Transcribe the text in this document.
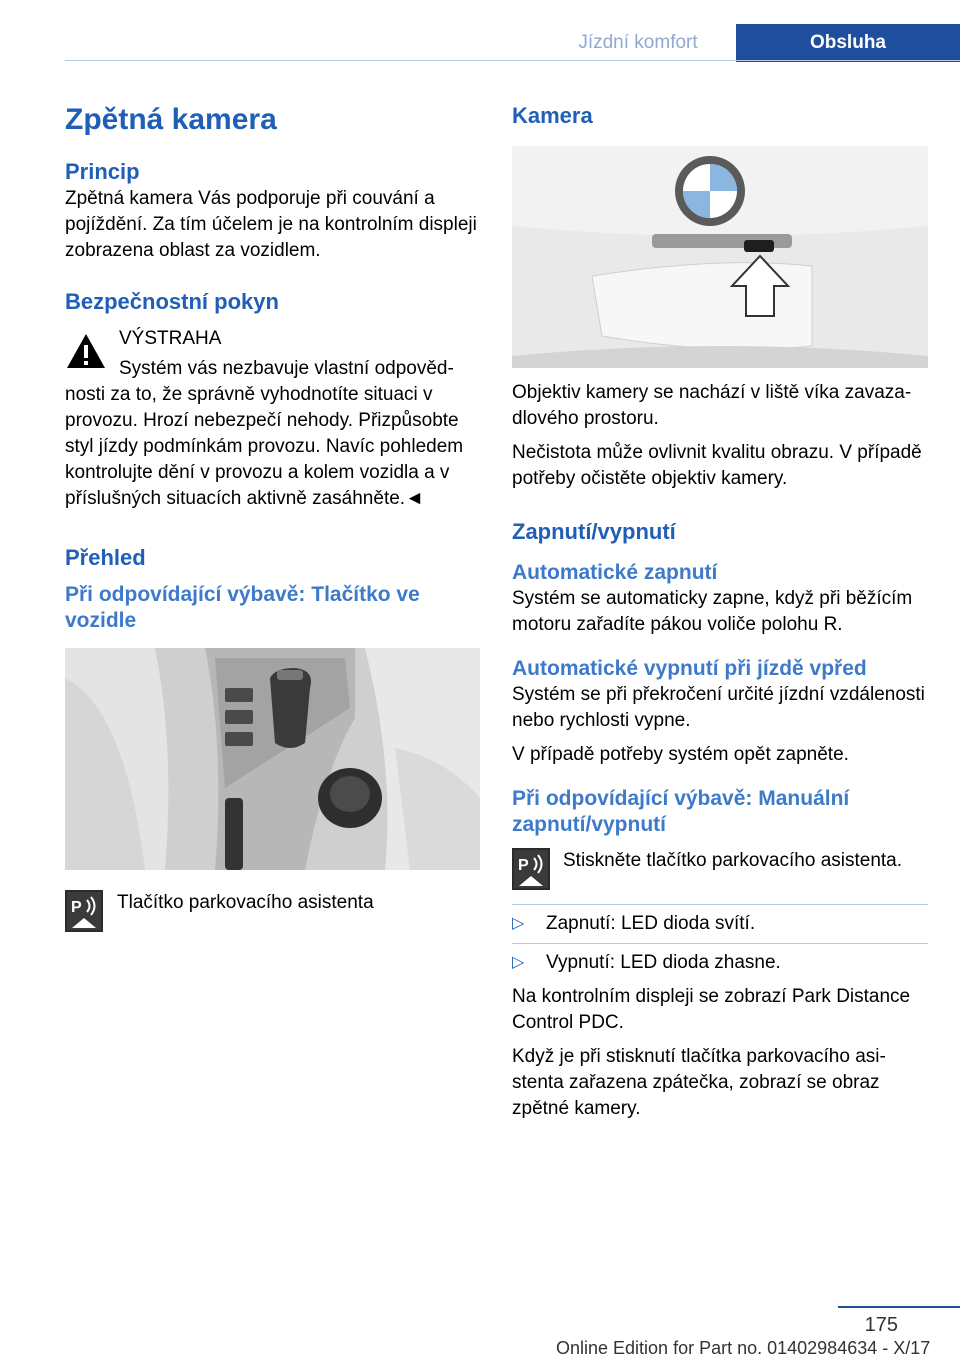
Jízdní komfort	Obsluha
Zpětná kamera
Princip

Zpětná kamera Vás podporuje při couvání a pojíždění. Za tím účelem je na kontrolním displeji zobrazena oblast za vozidlem.

Bezpečnostní pokyn

VÝSTRAHA

Systém vás nezbavuje vlastní odpovědnosti za to, že správně vyhodnotíte situaci v provozu. Hrozí nebezpečí nehody. Přizpůsobte styl jízdy podmínkám provozu. Navíc pohledem kontrolujte dění v provozu a kolem vozidla a v příslušných situacích aktivně zasáhněte.◄

Přehled
Při odpovídající výbavě: Tlačítko ve vozidle
P Tlačítko parkovacího asistenta

Kamera

Objektiv kamery se nachází v liště víka zavazadlového prostoru.

Nečistota může ovlivnit kvalitu obrazu. V případě potřeby očistěte objektiv kamery.

Zapnutí/vypnutí
Automatické zapnutí

Systém se automaticky zapne, když při běžícím motoru zařadíte pákou voliče polohu R.

Automatické vypnutí při jízdě vpřed

Systém se při překročení určité jízdní vzdálenosti nebo rychlosti vypne.

V případě potřeby systém opět zapněte.

Při odpovídající výbavě: Manuální zapnutí/vypnutí
P Stiskněte tlačítko parkovacího asistenta.

▷ Zapnutí: LED dioda svítí.
▷ Vypnutí: LED dioda zhasne.

Na kontrolním displeji se zobrazí Park Distance Control PDC.

Když je při stisknutí tlačítka parkovacího asistenta zařazena zpátečka, zobrazí se obraz zpětné kamery.

175
Online Edition for Part no. 01402984634 - X/17
